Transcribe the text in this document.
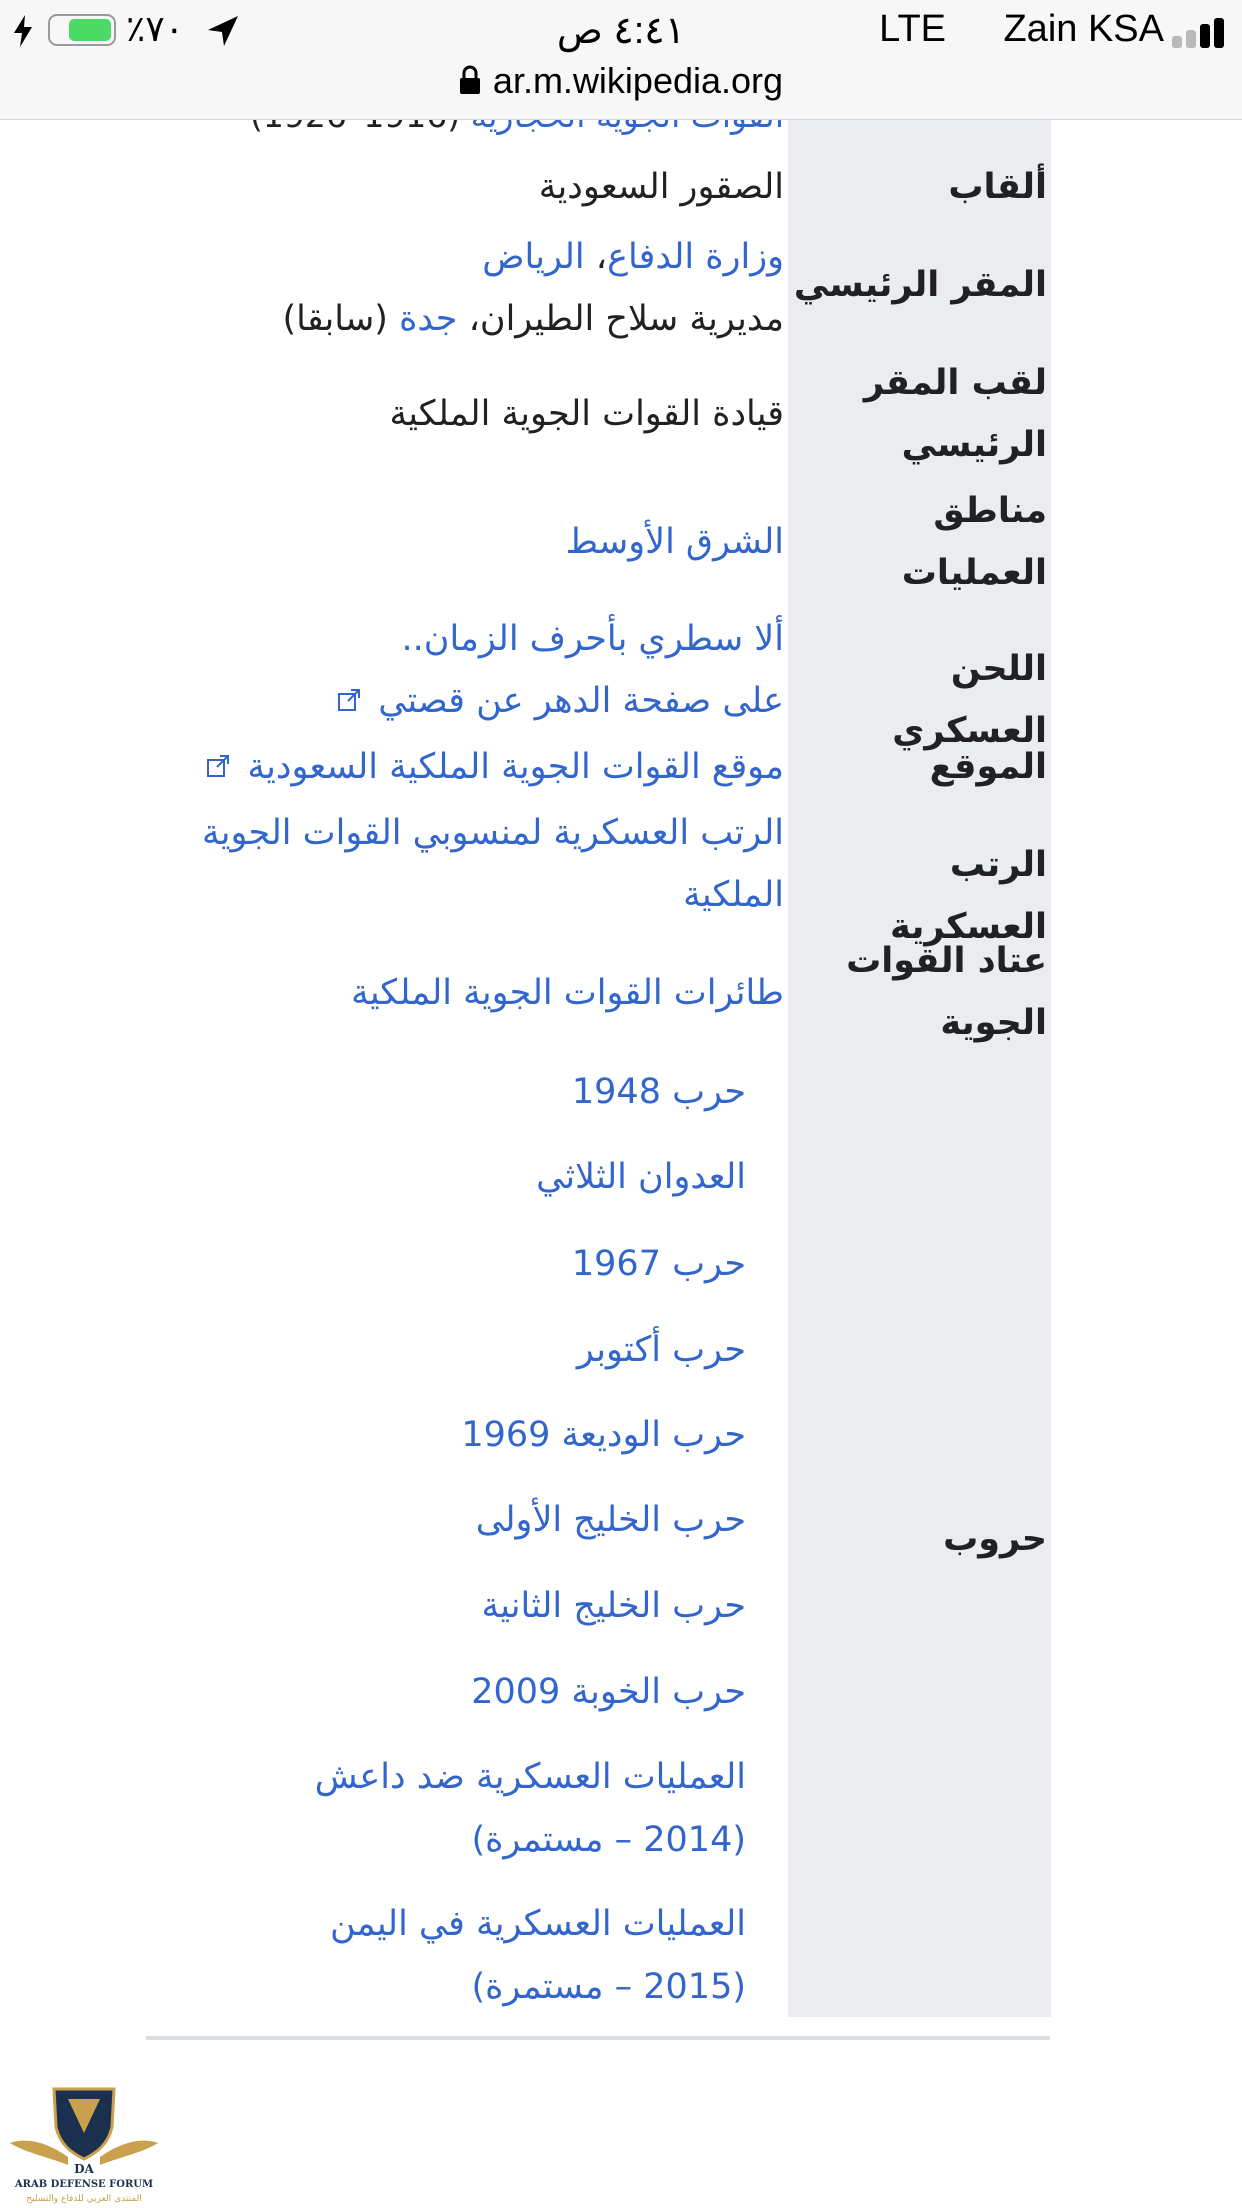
ألقاب
الصقور السعودية
المقر الرئيسي
وزارة الدفاع، الرياض
مديرية سلاح الطيران، جدة (سابقا)
لقب المقر
الرئيسي
قيادة القوات الجوية الملكية
مناطق
العمليات
الشرق الأوسط
اللحن العسكري
ألا سطري بأحرف الزمان..
على صفحة الدهر عن قصتي
الموقع
موقع القوات الجوية الملكية السعودية
الرتب العسكرية
الرتب العسكرية لمنسوبي القوات الجوية
الملكية
عتاد القوات
الجوية
طائرات القوات الجوية الملكية
حروب
حرب 1948
العدوان الثلاثي
حرب 1967
حرب أكتوبر
حرب الوديعة 1969
حرب الخليج الأولى
حرب الخليج الثانية
حرب الخوبة 2009
العمليات العسكرية ضد داعش
(2014 – مستمرة)
العمليات العسكرية في اليمن
(2015 – مستمرة)
٪٧٠	٤:٤١ ص	LTE Zain KSA
ar.m.wikipedia.org
DA
ARAB DEFENSE FORUM
المنتدى العربي للدفاع والتسليح
